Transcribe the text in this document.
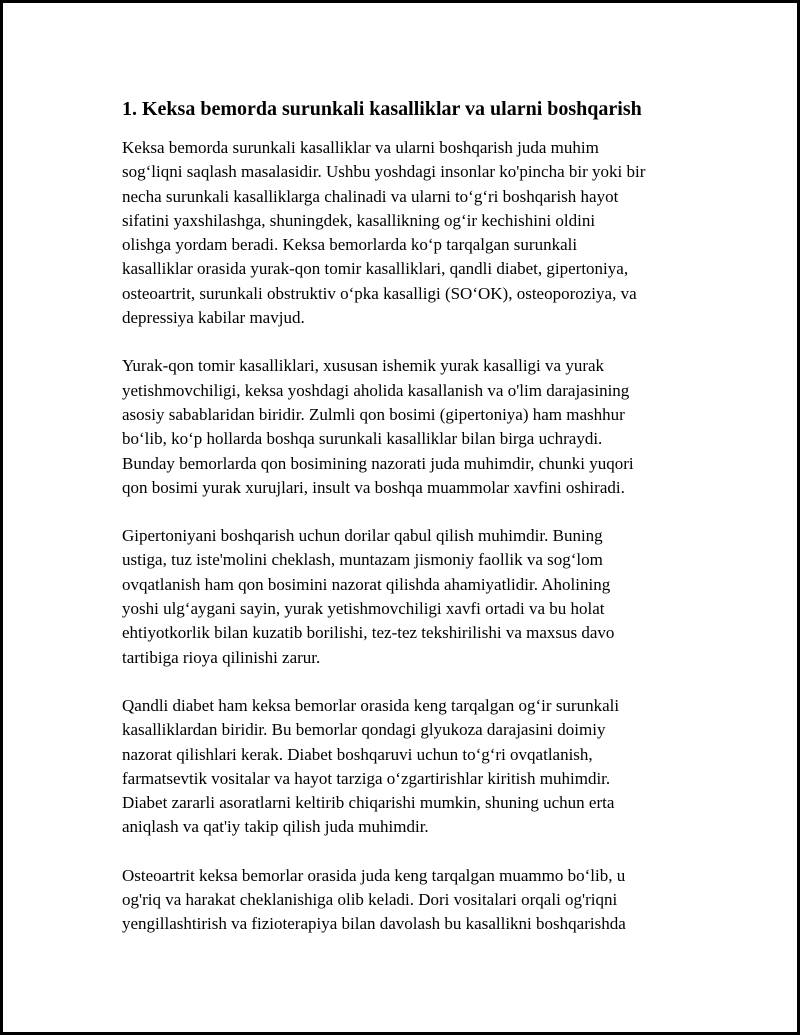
1. Keksa bemorda surunkali kasalliklar va ularni boshqarish

Keksa bemorda surunkali kasalliklar va ularni boshqarish juda muhim
sog‘liqni saqlash masalasidir. Ushbu yoshdagi insonlar ko'pincha bir yoki bir
necha surunkali kasalliklarga chalinadi va ularni to‘g‘ri boshqarish hayot
sifatini yaxshilashga, shuningdek, kasallikning og‘ir kechishini oldini
olishga yordam beradi. Keksa bemorlarda ko‘p tarqalgan surunkali
kasalliklar orasida yurak-qon tomir kasalliklari, qandli diabet, gipertoniya,
osteoartrit, surunkali obstruktiv o‘pka kasalligi (SO‘OK), osteoporoziya, va
depressiya kabilar mavjud.

Yurak-qon tomir kasalliklari, xususan ishemik yurak kasalligi va yurak
yetishmovchiligi, keksa yoshdagi aholida kasallanish va o'lim darajasining
asosiy sabablaridan biridir. Zulmli qon bosimi (gipertoniya) ham mashhur
bo‘lib, ko‘p hollarda boshqa surunkali kasalliklar bilan birga uchraydi.
Bunday bemorlarda qon bosimining nazorati juda muhimdir, chunki yuqori
qon bosimi yurak xurujlari, insult va boshqa muammolar xavfini oshiradi.

Gipertoniyani boshqarish uchun dorilar qabul qilish muhimdir. Buning
ustiga, tuz iste'molini cheklash, muntazam jismoniy faollik va sog‘lom
ovqatlanish ham qon bosimini nazorat qilishda ahamiyatlidir. Aholining
yoshi ulg‘aygani sayin, yurak yetishmovchiligi xavfi ortadi va bu holat
ehtiyotkorlik bilan kuzatib borilishi, tez-tez tekshirilishi va maxsus davo
tartibiga rioya qilinishi zarur.

Qandli diabet ham keksa bemorlar orasida keng tarqalgan og‘ir surunkali
kasalliklardan biridir. Bu bemorlar qondagi glyukoza darajasini doimiy
nazorat qilishlari kerak. Diabet boshqaruvi uchun to‘g‘ri ovqatlanish,
farmatsevtik vositalar va hayot tarziga o‘zgartirishlar kiritish muhimdir.
Diabet zararli asoratlarni keltirib chiqarishi mumkin, shuning uchun erta
aniqlash va qat'iy takip qilish juda muhimdir.

Osteoartrit keksa bemorlar orasida juda keng tarqalgan muammo bo‘lib, u
og'riq va harakat cheklanishiga olib keladi. Dori vositalari orqali og'riqni
yengillashtirish va fizioterapiya bilan davolash bu kasallikni boshqarishda
